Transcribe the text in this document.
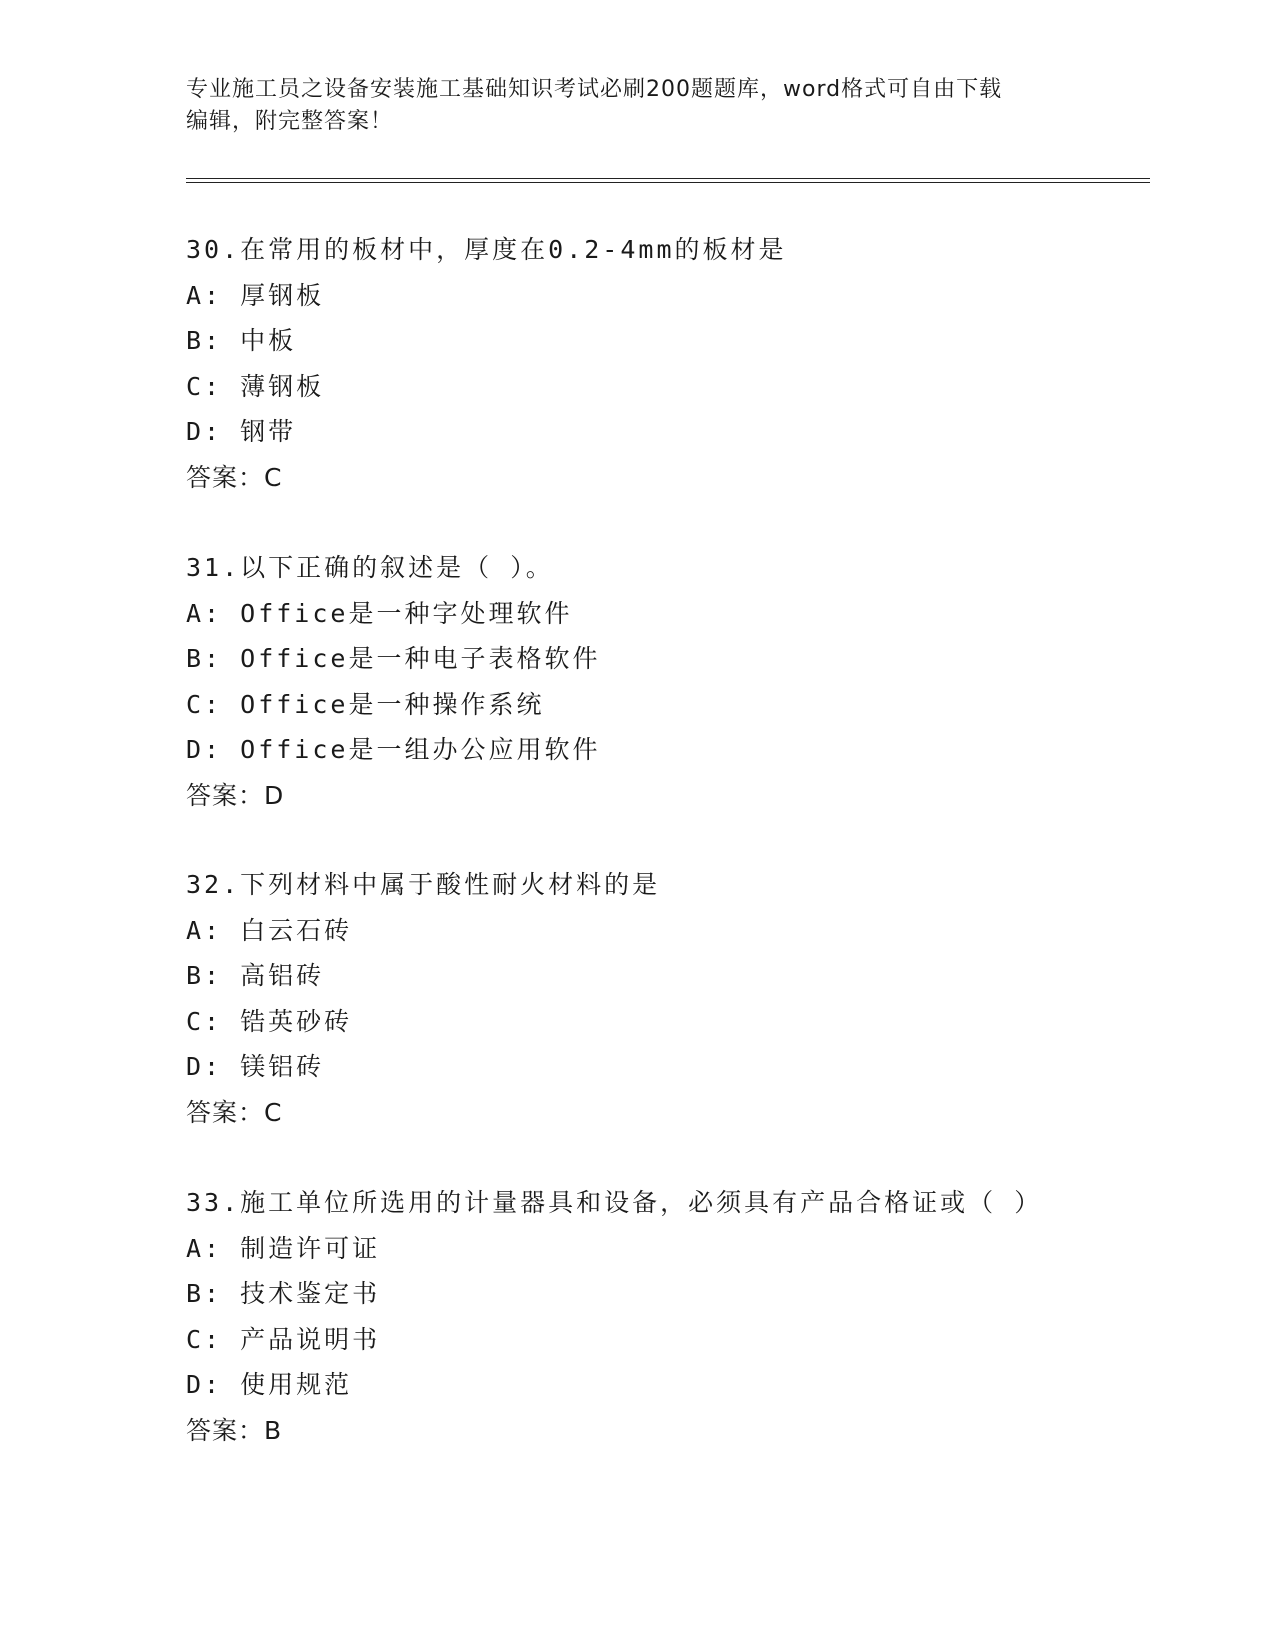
专业施工员之设备安装施工基础知识考试必刷200题题库，word格式可自由下载
编辑，附完整答案！
30.在常用的板材中，厚度在0.2-4mm的板材是
A: 厚钢板
B: 中板
C: 薄钢板
D: 钢带
答案：C
31.以下正确的叙述是（ ）。
A: Office是一种字处理软件
B: Office是一种电子表格软件
C: Office是一种操作系统
D: Office是一组办公应用软件
答案：D
32.下列材料中属于酸性耐火材料的是
A: 白云石砖
B: 高铝砖
C: 锆英砂砖
D: 镁铝砖
答案：C
33.施工单位所选用的计量器具和设备，必须具有产品合格证或（ ）
A: 制造许可证
B: 技术鉴定书
C: 产品说明书
D: 使用规范
答案：B
